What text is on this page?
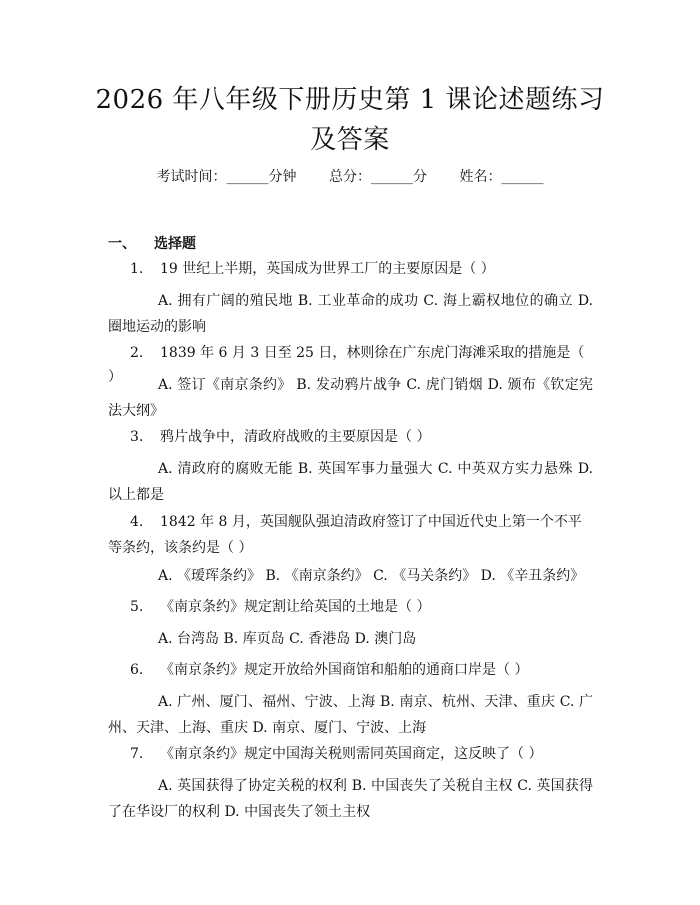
2026 年八年级下册历史第 1 课论述题练习及答案
考试时间：______分钟 总分：______分 姓名：______
一、 选择题
1. 19 世纪上半期，英国成为世界工厂的主要原因是（ ）
A. 拥有广阔的殖民地 B. 工业革命的成功 C. 海上霸权地位的确立 D. 圈地运动的影响
2. 1839 年 6 月 3 日至 25 日，林则徐在广东虎门海滩采取的措施是（ ）	A. 签订《南京条约》 B. 发动鸦片战争 C. 虎门销烟 D. 颁布《钦定宪法大纲》
3. 鸦片战争中，清政府战败的主要原因是（ ）
A. 清政府的腐败无能 B. 英国军事力量强大 C. 中英双方实力悬殊 D. 以上都是
4. 1842 年 8 月，英国舰队强迫清政府签订了中国近代史上第一个不平等条约，该条约是（ ）
A. 《瑷珲条约》 B. 《南京条约》 C. 《马关条约》 D. 《辛丑条约》
5. 《南京条约》规定割让给英国的土地是（ ）
A. 台湾岛 B. 库页岛 C. 香港岛 D. 澳门岛
6. 《南京条约》规定开放给外国商馆和船舶的通商口岸是（ ）
A. 广州、厦门、福州、宁波、上海 B. 南京、杭州、天津、重庆 C. 广州、天津、上海、重庆 D. 南京、厦门、宁波、上海
7. 《南京条约》规定中国海关税则需同英国商定，这反映了（ ）
A. 英国获得了协定关税的权利 B. 中国丧失了关税自主权 C. 英国获得了在华设厂的权利 D. 中国丧失了领土主权
